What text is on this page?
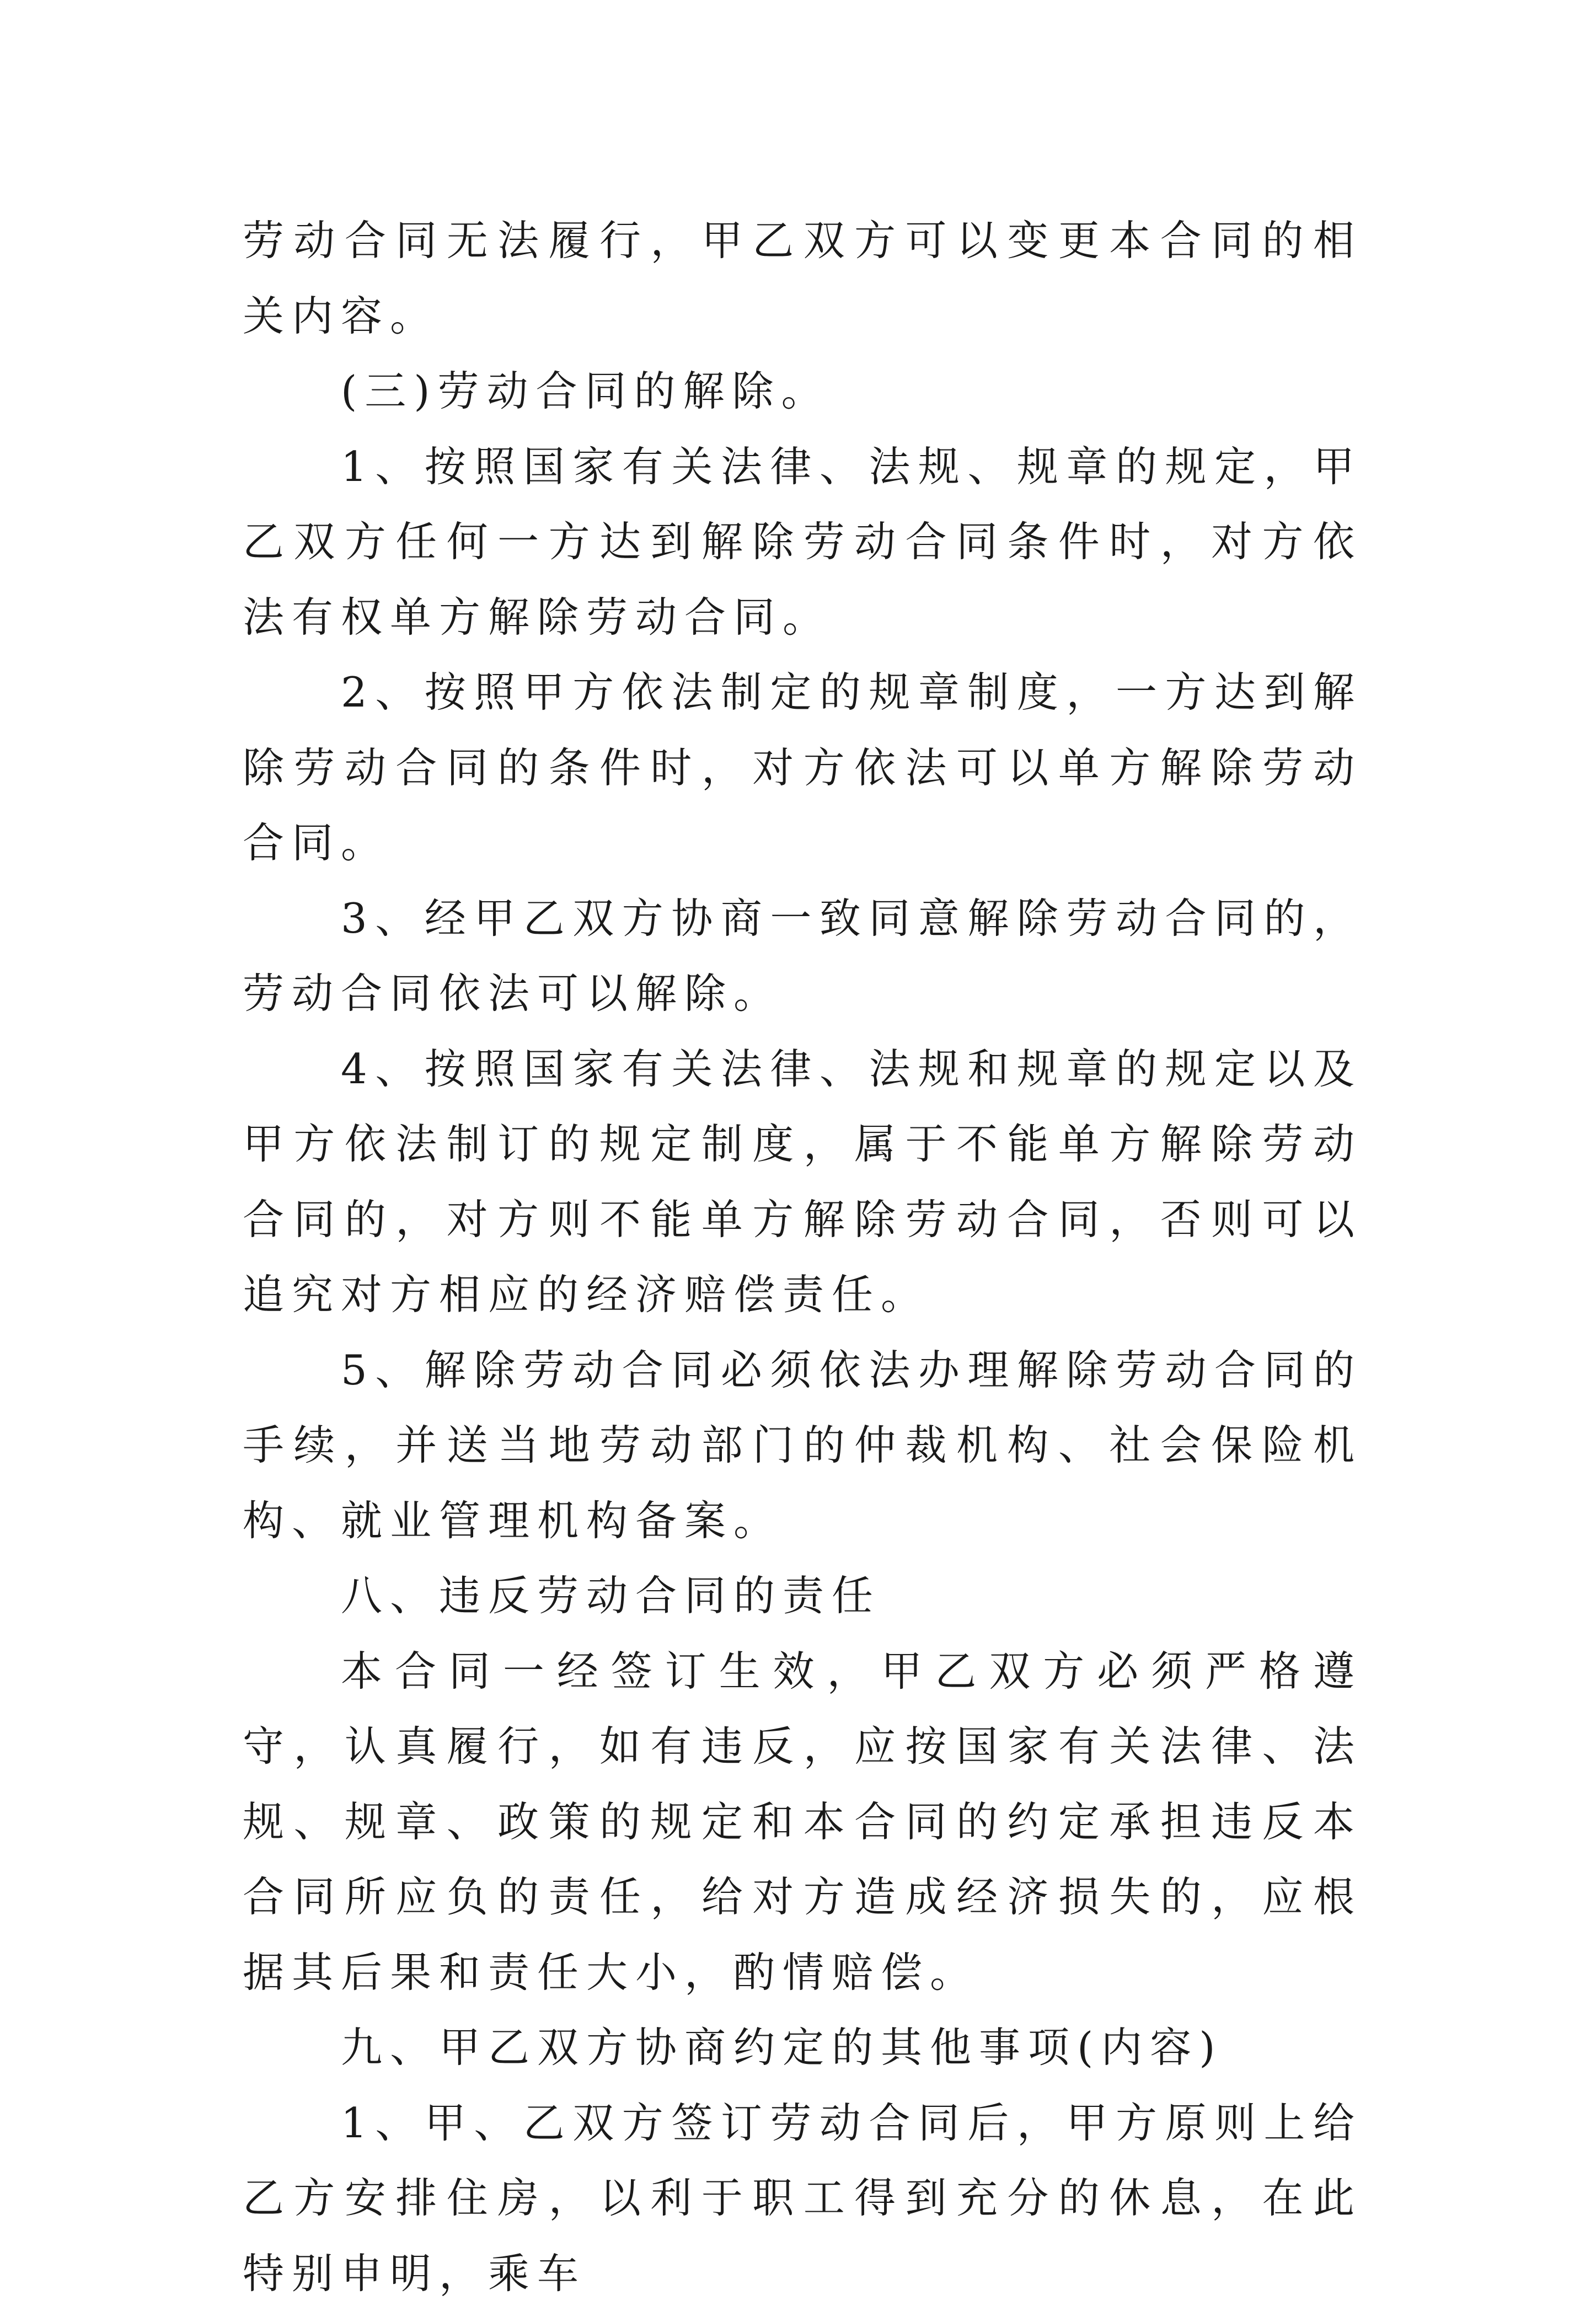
劳动合同无法履行，甲乙双方可以变更本合同的相关内容。

(三)劳动合同的解除。

1、按照国家有关法律、法规、规章的规定，甲乙双方任何一方达到解除劳动合同条件时，对方依法有权单方解除劳动合同。

2、按照甲方依法制定的规章制度，一方达到解除劳动合同的条件时，对方依法可以单方解除劳动合同。

3、经甲乙双方协商一致同意解除劳动合同的，劳动合同依法可以解除。

4、按照国家有关法律、法规和规章的规定以及甲方依法制订的规定制度，属于不能单方解除劳动合同的，对方则不能单方解除劳动合同，否则可以追究对方相应的经济赔偿责任。

5、解除劳动合同必须依法办理解除劳动合同的手续，并送当地劳动部门的仲裁机构、社会保险机构、就业管理机构备案。

八、违反劳动合同的责任

本合同一经签订生效，甲乙双方必须严格遵守，认真履行，如有违反，应按国家有关法律、法规、规章、政策的规定和本合同的约定承担违反本合同所应负的责任，给对方造成经济损失的，应根据其后果和责任大小，酌情赔偿。

九、甲乙双方协商约定的其他事项(内容)

1、甲、乙双方签订劳动合同后，甲方原则上给乙方安排住房，以利于职工得到充分的休息，在此特别申明，乘车
